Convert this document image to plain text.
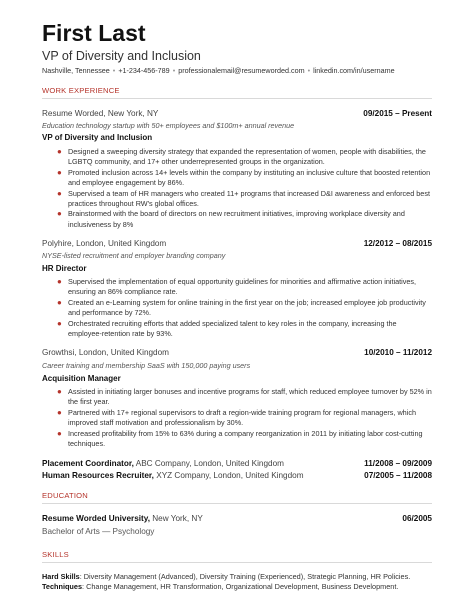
First Last
VP of Diversity and Inclusion
Nashville, Tennessee • +1-234-456-789 • professionalemail@resumeworded.com • linkedin.com/in/username
WORK EXPERIENCE
Resume Worded, New York, NY	09/2015 – Present
Education technology startup with 50+ employees and $100m+ annual revenue
VP of Diversity and Inclusion
● Designed a sweeping diversity strategy that expanded the representation of women, people with disabilities, the LGBTQ community, and 17+ other underrepresented groups in the organization.
● Promoted inclusion across 14+ levels within the company by instituting an inclusive culture that boosted retention and employee engagement by 86%.
● Supervised a team of HR managers who created 11+ programs that increased D&I awareness and enforced best practices throughout RW's global offices.
● Brainstormed with the board of directors on new recruitment initiatives, improving workplace diversity and inclusiveness by 8%
Polyhire, London, United Kingdom	12/2012 – 08/2015
NYSE-listed recruitment and employer branding company
HR Director
● Supervised the implementation of equal opportunity guidelines for minorities and affirmative action initiatives, ensuring an 86% compliance rate.
● Created an e-Learning system for online training in the first year on the job; increased employee job productivity and performance by 72%.
● Orchestrated recruiting efforts that added specialized talent to key roles in the company, increasing the employee-retention rate by 93%.
Growthsi, London, United Kingdom	10/2010 – 11/2012
Career training and membership SaaS with 150,000 paying users
Acquisition Manager
● Assisted in initiating larger bonuses and incentive programs for staff, which reduced employee turnover by 52% in the first year.
● Partnered with 17+ regional supervisors to draft a region-wide training program for regional managers, which improved staff motivation and professionalism by 30%.
● Increased profitability from 15% to 63% during a company reorganization in 2011 by initiating labor cost-cutting techniques.
Placement Coordinator, ABC Company, London, United Kingdom	11/2008 – 09/2009
Human Resources Recruiter, XYZ Company, London, United Kingdom	07/2005 – 11/2008
EDUCATION
Resume Worded University, New York, NY	06/2005
Bachelor of Arts — Psychology
SKILLS
Hard Skills: Diversity Management (Advanced), Diversity Training (Experienced), Strategic Planning, HR Policies.
Techniques: Change Management, HR Transformation, Organizational Development, Business Development.
